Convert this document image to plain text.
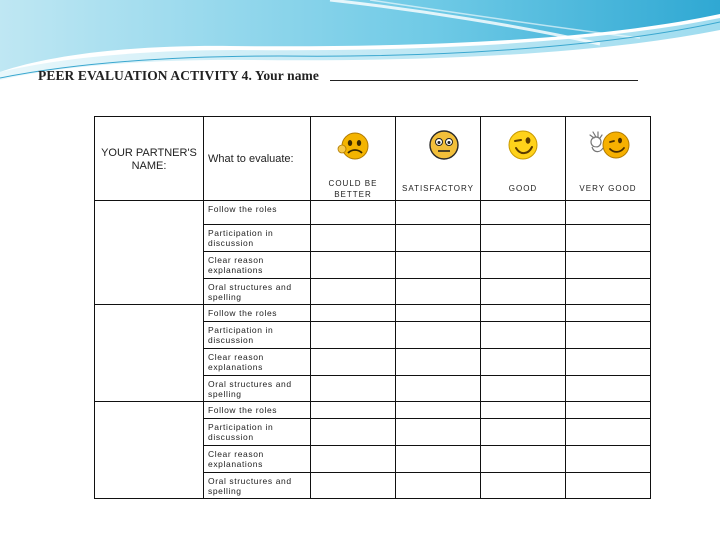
PEER EVALUATION ACTIVITY 4. Your name
YOUR PARTNER'S NAME:	What to evaluate:	COULD BE BETTER	SATISFACTORY	GOOD	VERY GOOD

	Follow the roles				
	Participation in discussion				
	Clear reason explanations				
	Oral structures and spelling				
	Follow the roles				
	Participation in discussion				
	Clear reason explanations				
	Oral structures and spelling				
	Follow the roles				
	Participation in discussion				
	Clear reason explanations				
	Oral structures and spelling				
